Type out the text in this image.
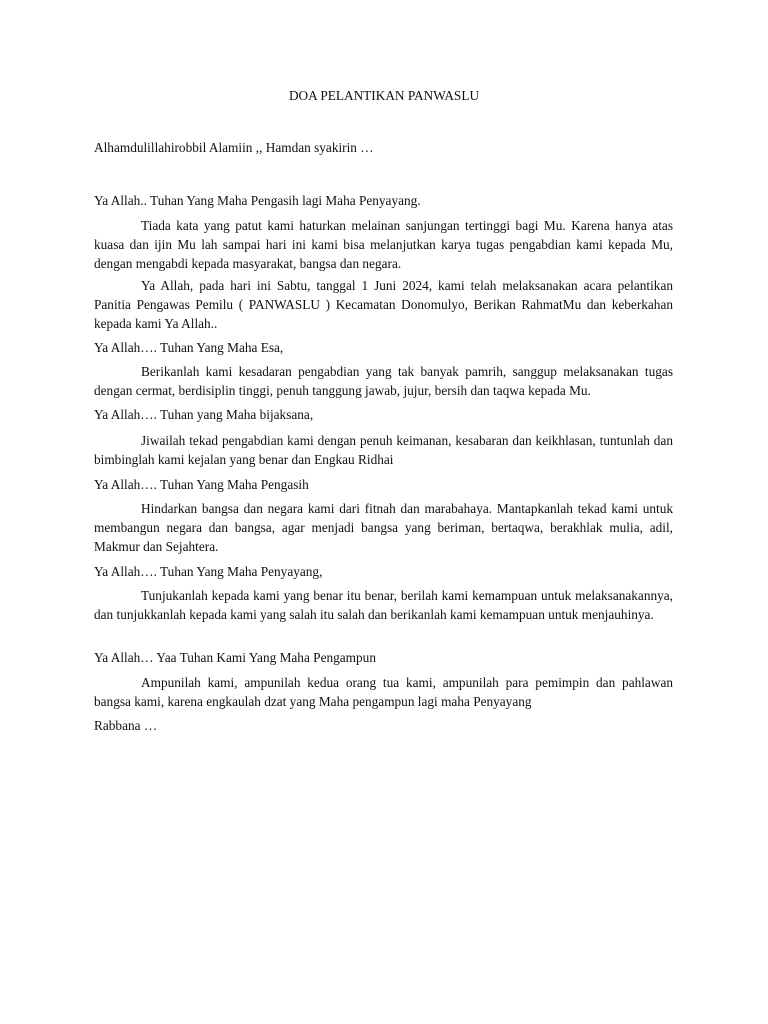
DOA PELANTIKAN PANWASLU
Alhamdulillahirobbil Alamiin ,, Hamdan syakirin …
Ya Allah.. Tuhan Yang Maha Pengasih lagi Maha Penyayang.
Tiada kata yang patut kami haturkan melainan sanjungan tertinggi bagi Mu. Karena hanya atas kuasa dan ijin Mu lah sampai hari ini kami bisa melanjutkan karya tugas pengabdian kami kepada Mu, dengan mengabdi kepada masyarakat, bangsa dan negara.
Ya Allah, pada hari ini Sabtu, tanggal 1 Juni 2024, kami telah melaksanakan acara pelantikan Panitia Pengawas Pemilu ( PANWASLU ) Kecamatan Donomulyo, Berikan RahmatMu dan keberkahan kepada kami Ya Allah..
Ya Allah…. Tuhan Yang Maha Esa,
Berikanlah kami kesadaran pengabdian yang tak banyak pamrih, sanggup melaksanakan tugas dengan cermat, berdisiplin tinggi, penuh tanggung jawab, jujur, bersih dan taqwa kepada Mu.
Ya Allah…. Tuhan yang Maha bijaksana,
Jiwailah tekad pengabdian kami dengan penuh keimanan, kesabaran dan keikhlasan, tuntunlah dan bimbinglah kami kejalan yang benar dan Engkau Ridhai
Ya Allah…. Tuhan Yang Maha Pengasih
Hindarkan bangsa dan negara kami dari fitnah dan marabahaya. Mantapkanlah tekad kami untuk membangun negara dan bangsa, agar menjadi bangsa yang beriman, bertaqwa, berakhlak mulia, adil, Makmur dan Sejahtera.
Ya Allah…. Tuhan Yang Maha Penyayang,
Tunjukanlah kepada kami yang benar itu benar, berilah kami kemampuan untuk melaksanakannya, dan tunjukkanlah kepada kami yang salah itu salah dan berikanlah kami kemampuan untuk menjauhinya.
Ya Allah… Yaa Tuhan Kami Yang Maha Pengampun
Ampunilah kami, ampunilah kedua orang tua kami, ampunilah para pemimpin dan pahlawan bangsa kami, karena engkaulah dzat yang Maha pengampun lagi maha Penyayang
Rabbana …
